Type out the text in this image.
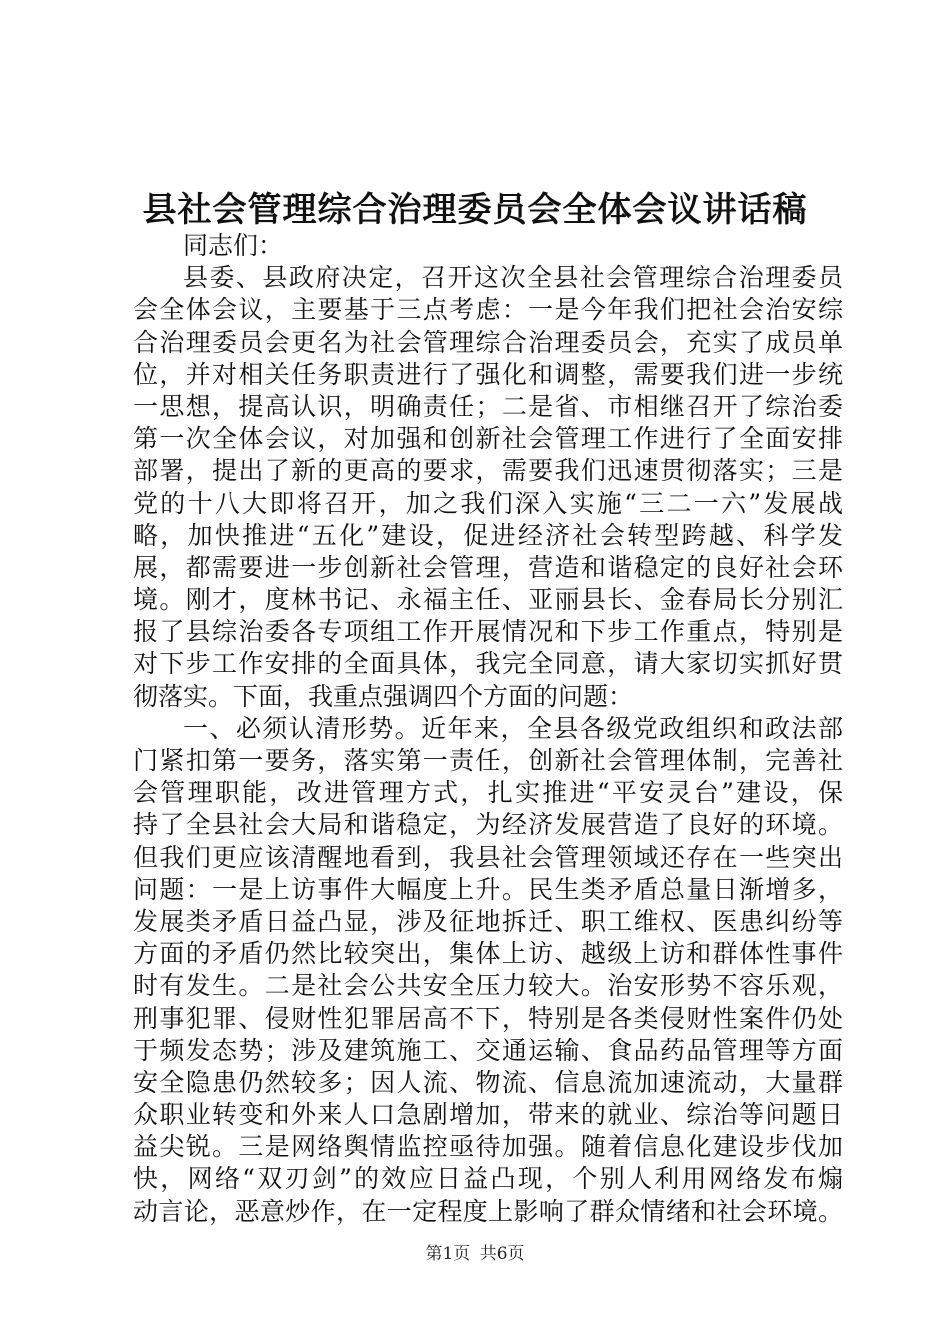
县社会管理综合治理委员会全体会议讲话稿
同志们：
县委、县政府决定，召开这次全县社会管理综合治理委员
会全体会议，主要基于三点考虑：一是今年我们把社会治安综
合治理委员会更名为社会管理综合治理委员会，充实了成员单
位，并对相关任务职责进行了强化和调整，需要我们进一步统
一思想，提高认识，明确责任；二是省、市相继召开了综治委
第一次全体会议，对加强和创新社会管理工作进行了全面安排
部署，提出了新的更高的要求，需要我们迅速贯彻落实；三是
党的十八大即将召开，加之我们深入实施“三二一六”发展战
略，加快推进“五化”建设，促进经济社会转型跨越、科学发
展，都需要进一步创新社会管理，营造和谐稳定的良好社会环
境。刚才，度林书记、永福主任、亚丽县长、金春局长分别汇
报了县综治委各专项组工作开展情况和下步工作重点，特别是
对下步工作安排的全面具体，我完全同意，请大家切实抓好贯
彻落实。下面，我重点强调四个方面的问题：
一、必须认清形势。近年来，全县各级党政组织和政法部
门紧扣第一要务，落实第一责任，创新社会管理体制，完善社
会管理职能，改进管理方式，扎实推进“平安灵台”建设，保
持了全县社会大局和谐稳定，为经济发展营造了良好的环境。
但我们更应该清醒地看到，我县社会管理领域还存在一些突出
问题：一是上访事件大幅度上升。民生类矛盾总量日渐增多，
发展类矛盾日益凸显，涉及征地拆迁、职工维权、医患纠纷等
方面的矛盾仍然比较突出，集体上访、越级上访和群体性事件
时有发生。二是社会公共安全压力较大。治安形势不容乐观，
刑事犯罪、侵财性犯罪居高不下，特别是各类侵财性案件仍处
于频发态势；涉及建筑施工、交通运输、食品药品管理等方面
安全隐患仍然较多；因人流、物流、信息流加速流动，大量群
众职业转变和外来人口急剧增加，带来的就业、综治等问题日
益尖锐。三是网络舆情监控亟待加强。随着信息化建设步伐加
快，网络“双刃剑”的效应日益凸现，个别人利用网络发布煽
动言论，恶意炒作，在一定程度上影响了群众情绪和社会环境。
第1页 共6页
